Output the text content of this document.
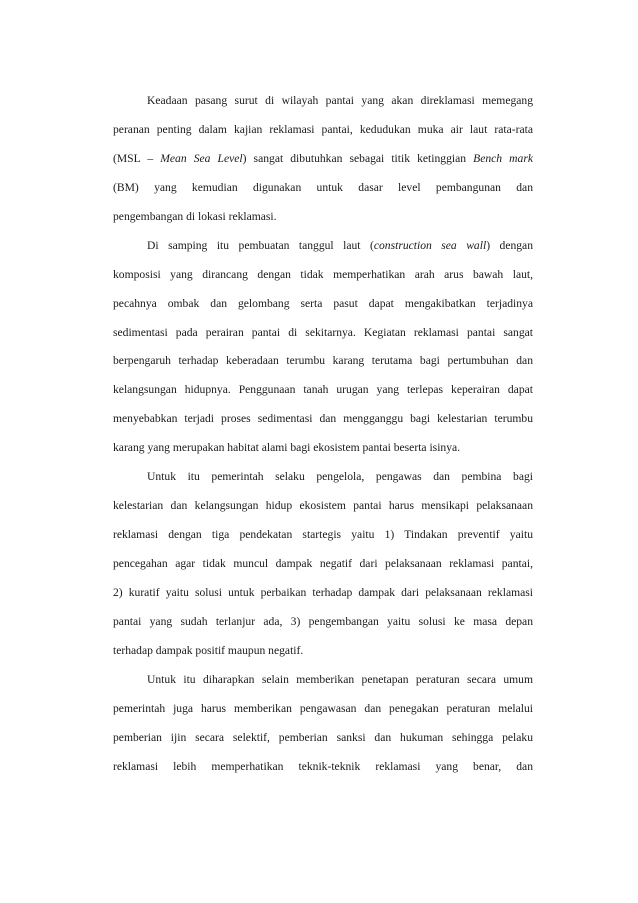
Keadaan pasang surut di wilayah pantai yang akan direklamasi memegang
peranan penting dalam kajian reklamasi pantai, kedudukan muka air laut rata-rata
(MSL – Mean Sea Level) sangat dibutuhkan sebagai titik ketinggian Bench mark
(BM) yang kemudian digunakan untuk dasar level pembangunan dan
pengembangan di lokasi reklamasi.
Di samping itu pembuatan tanggul laut (construction sea wall) dengan
komposisi yang dirancang dengan tidak memperhatikan arah arus bawah laut,
pecahnya ombak dan gelombang serta pasut dapat mengakibatkan terjadinya
sedimentasi pada perairan pantai di sekitarnya. Kegiatan reklamasi pantai sangat
berpengaruh terhadap keberadaan terumbu karang terutama bagi pertumbuhan dan
kelangsungan hidupnya. Penggunaan tanah urugan yang terlepas keperairan dapat
menyebabkan terjadi proses sedimentasi dan mengganggu bagi kelestarian terumbu
karang yang merupakan habitat alami bagi ekosistem pantai beserta isinya.
Untuk itu pemerintah selaku pengelola, pengawas dan pembina bagi
kelestarian dan kelangsungan hidup ekosistem pantai harus mensikapi pelaksanaan
reklamasi dengan tiga pendekatan startegis yaitu 1) Tindakan preventif yaitu
pencegahan agar tidak muncul dampak negatif dari pelaksanaan reklamasi pantai,
2) kuratif yaitu solusi untuk perbaikan terhadap dampak dari pelaksanaan reklamasi
pantai yang sudah terlanjur ada, 3) pengembangan yaitu solusi ke masa depan
terhadap dampak positif maupun negatif.
Untuk itu diharapkan selain memberikan penetapan peraturan secara umum
pemerintah juga harus memberikan pengawasan dan penegakan peraturan melalui
pemberian ijin secara selektif, pemberian sanksi dan hukuman sehingga pelaku
reklamasi lebih memperhatikan teknik-teknik reklamasi yang benar, dan
